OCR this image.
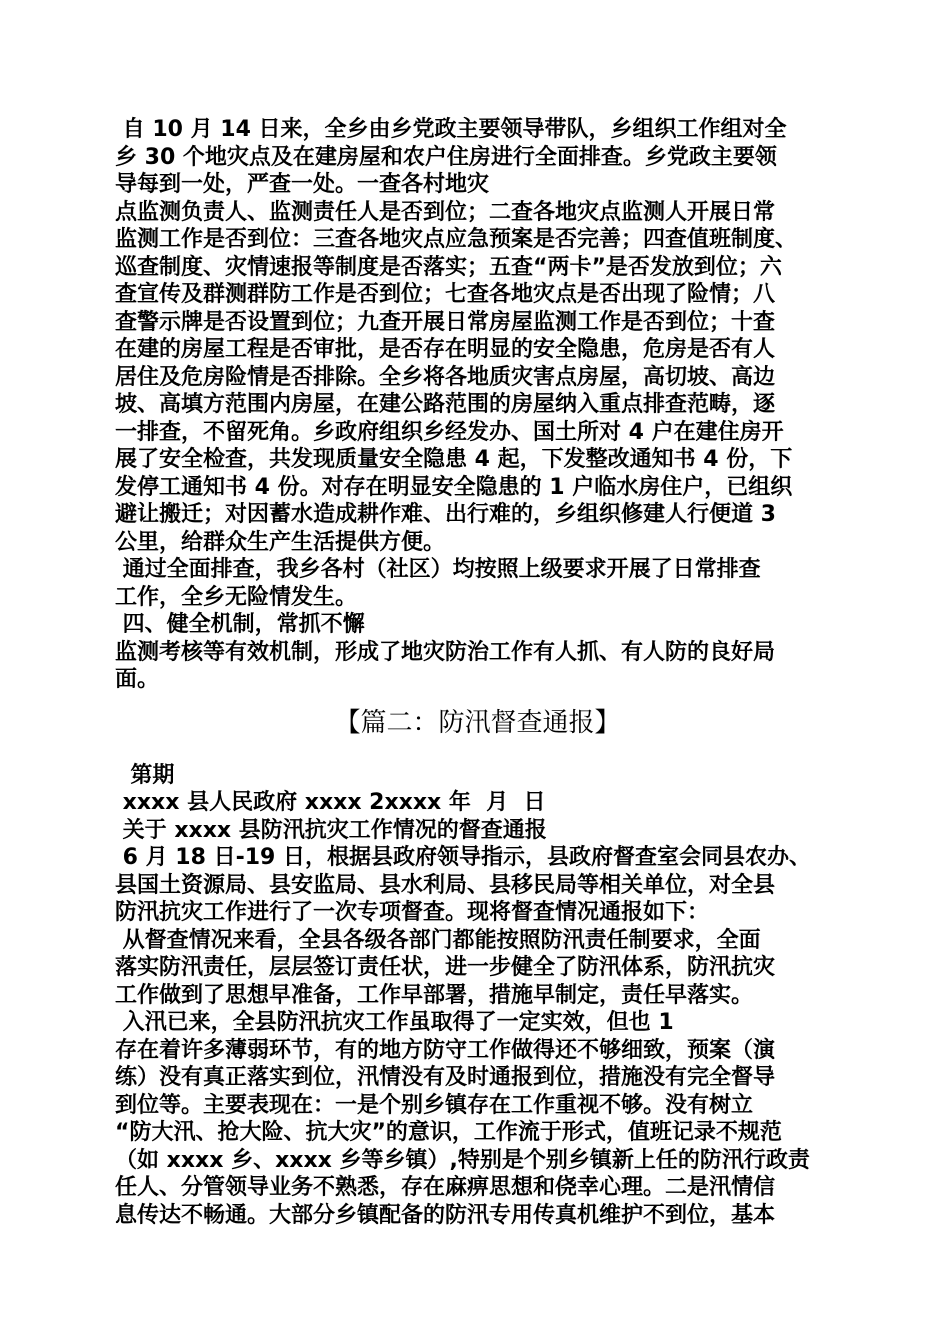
自 10 月 14 日来，全乡由乡党政主要领导带队，乡组织工作组对全
乡 30 个地灾点及在建房屋和农户住房进行全面排查。乡党政主要领
导每到一处，严查一处。一查各村地灾
点监测负责人、监测责任人是否到位；二查各地灾点监测人开展日常
监测工作是否到位：三查各地灾点应急预案是否完善；四查值班制度、
巡查制度、灾情速报等制度是否落实；五查“两卡”是否发放到位；六
查宣传及群测群防工作是否到位；七查各地灾点是否出现了险情；八
查警示牌是否设置到位；九查开展日常房屋监测工作是否到位；十查
在建的房屋工程是否审批，是否存在明显的安全隐患，危房是否有人
居住及危房险情是否排除。全乡将各地质灾害点房屋，高切坡、高边
坡、高填方范围内房屋，在建公路范围的房屋纳入重点排查范畴，逐
一排查，不留死角。乡政府组织乡经发办、国土所对 4 户在建住房开
展了安全检查，共发现质量安全隐患 4 起，下发整改通知书 4 份，下
发停工通知书 4 份。对存在明显安全隐患的 1 户临水房住户，已组织
避让搬迁；对因蓄水造成耕作难、出行难的，乡组织修建人行便道 3
公里，给群众生产生活提供方便。

通过全面排查，我乡各村（社区）均按照上级要求开展了日常排查
工作，全乡无险情发生。

四、健全机制，常抓不懈

监测考核等有效机制，形成了地灾防治工作有人抓、有人防的良好局
面。

【篇二：防汛督查通报】

第期

xxxx 县人民政府 xxxx 2xxxx 年  月  日

关于 xxxx 县防汛抗灾工作情况的督查通报

6 月 18 日-19 日，根据县政府领导指示，县政府督查室会同县农办、
县国土资源局、县安监局、县水利局、县移民局等相关单位，对全县
防汛抗灾工作进行了一次专项督查。现将督查情况通报如下：

从督查情况来看，全县各级各部门都能按照防汛责任制要求，全面
落实防汛责任，层层签订责任状，进一步健全了防汛体系，防汛抗灾
工作做到了思想早准备，工作早部署，措施早制定，责任早落实。

入汛已来，全县防汛抗灾工作虽取得了一定实效，但也 1
存在着许多薄弱环节，有的地方防守工作做得还不够细致，预案（演
练）没有真正落实到位，汛情没有及时通报到位，措施没有完全督导
到位等。主要表现在：一是个别乡镇存在工作重视不够。没有树立
“防大汛、抢大险、抗大灾”的意识，工作流于形式，值班记录不规范
（如 xxxx 乡、xxxx 乡等乡镇）,特别是个别乡镇新上任的防汛行政责
任人、分管领导业务不熟悉，存在麻痹思想和侥幸心理。二是汛情信
息传达不畅通。大部分乡镇配备的防汛专用传真机维护不到位，基本
